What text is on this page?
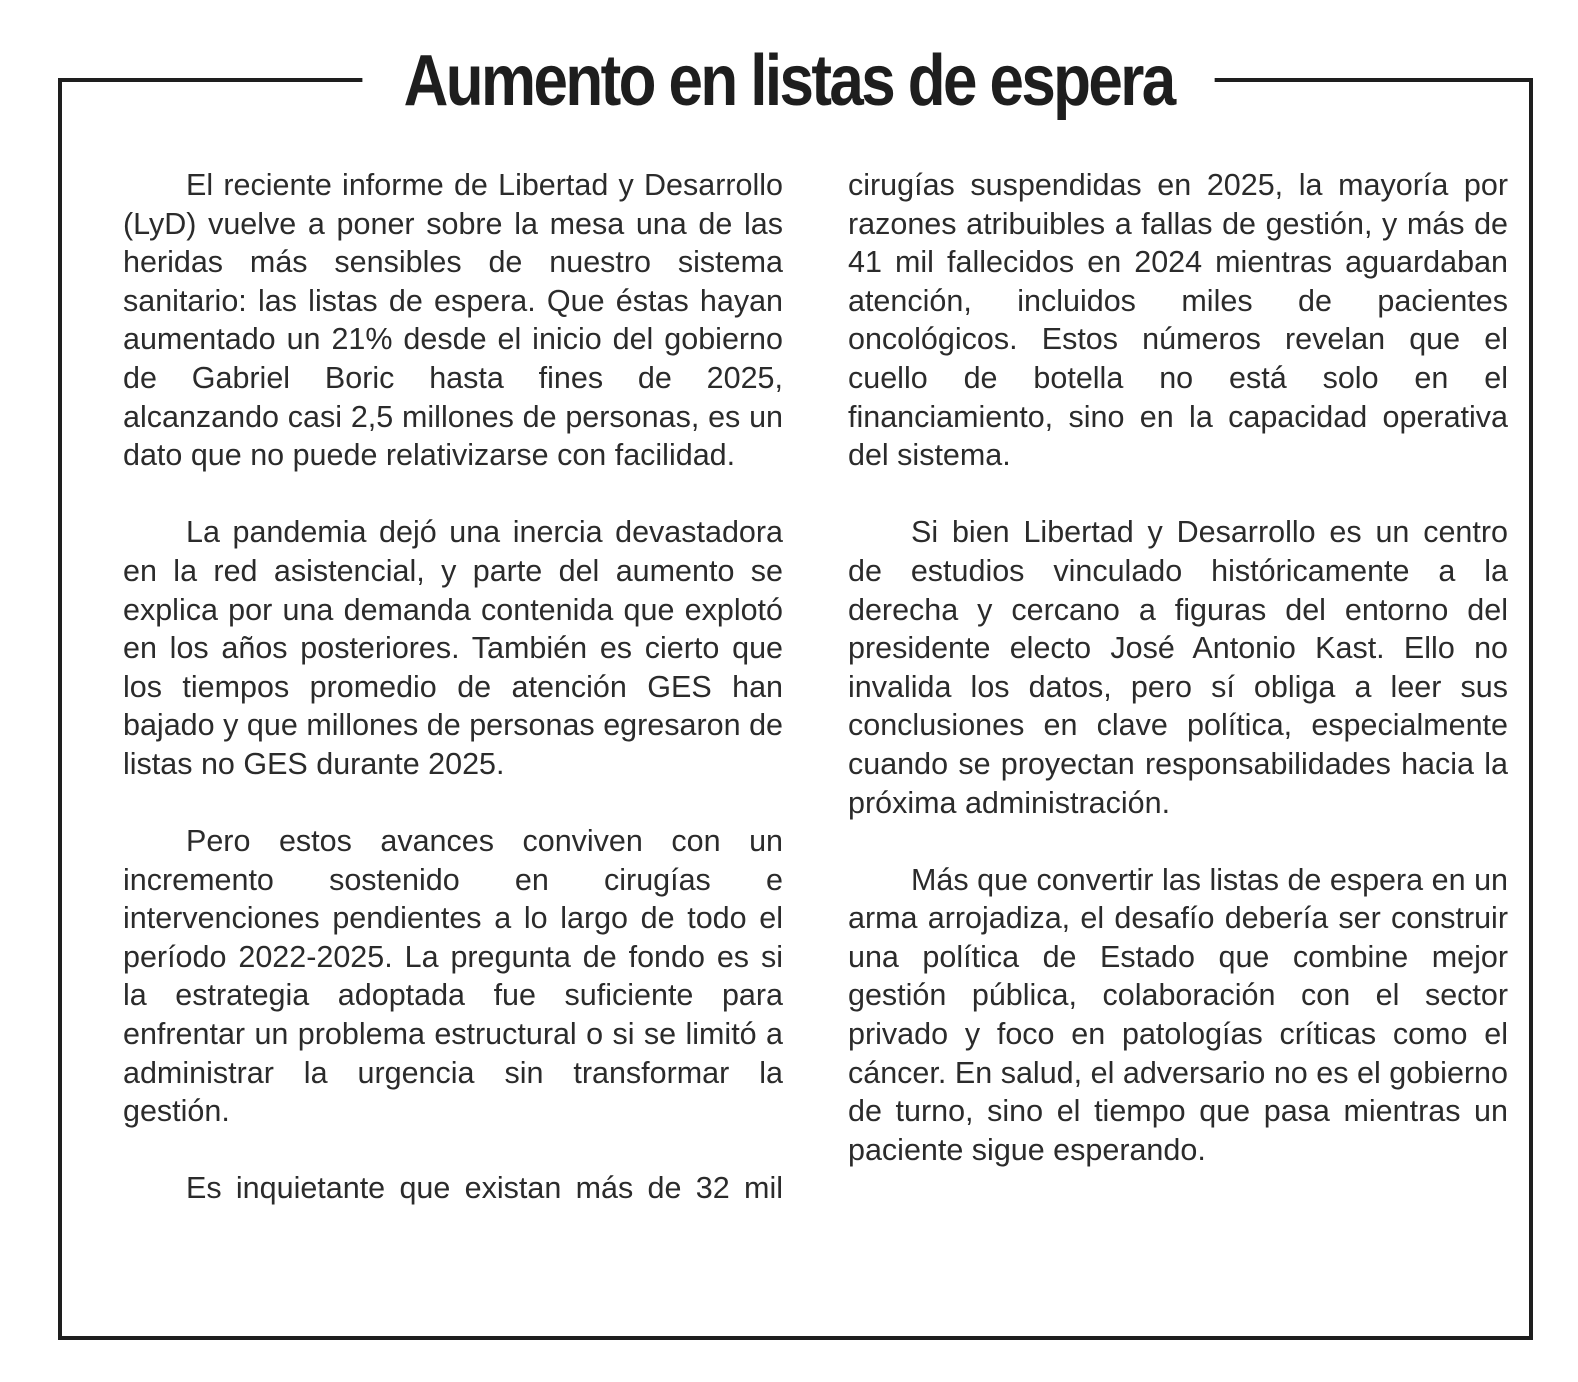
Aumento en listas de espera

El reciente informe de Libertad y Desarrollo (LyD) vuelve a poner sobre la mesa una de las heridas más sensibles de nuestro sistema sanitario: las listas de espera. Que éstas hayan aumentado un 21% desde el inicio del gobierno de Gabriel Boric hasta fines de 2025, alcanzando casi 2,5 millones de personas, es un dato que no puede relativizarse con facilidad.

La pandemia dejó una inercia devastadora en la red asistencial, y parte del aumento se explica por una demanda contenida que explotó en los años posteriores. También es cierto que los tiempos promedio de atención GES han bajado y que millones de personas egresaron de listas no GES durante 2025.

Pero estos avances conviven con un incremento sostenido en cirugías e intervenciones pendientes a lo largo de todo el período 2022-2025. La pregunta de fondo es si la estrategia adoptada fue suficiente para enfrentar un problema estructural o si se limitó a administrar la urgencia sin transformar la gestión.

Es inquietante que existan más de 32 mil

cirugías suspendidas en 2025, la mayoría por razones atribuibles a fallas de gestión, y más de 41 mil fallecidos en 2024 mientras aguardaban atención, incluidos miles de pacientes oncológicos. Estos números revelan que el cuello de botella no está solo en el financiamiento, sino en la capacidad operativa del sistema.

Si bien Libertad y Desarrollo es un centro de estudios vinculado históricamente a la derecha y cercano a figuras del entorno del presidente electo José Antonio Kast. Ello no invalida los datos, pero sí obliga a leer sus conclusiones en clave política, especialmente cuando se proyectan responsabilidades hacia la próxima administración.

Más que convertir las listas de espera en un arma arrojadiza, el desafío debería ser construir una política de Estado que combine mejor gestión pública, colaboración con el sector privado y foco en patologías críticas como el cáncer. En salud, el adversario no es el gobierno de turno, sino el tiempo que pasa mientras un paciente sigue esperando.
